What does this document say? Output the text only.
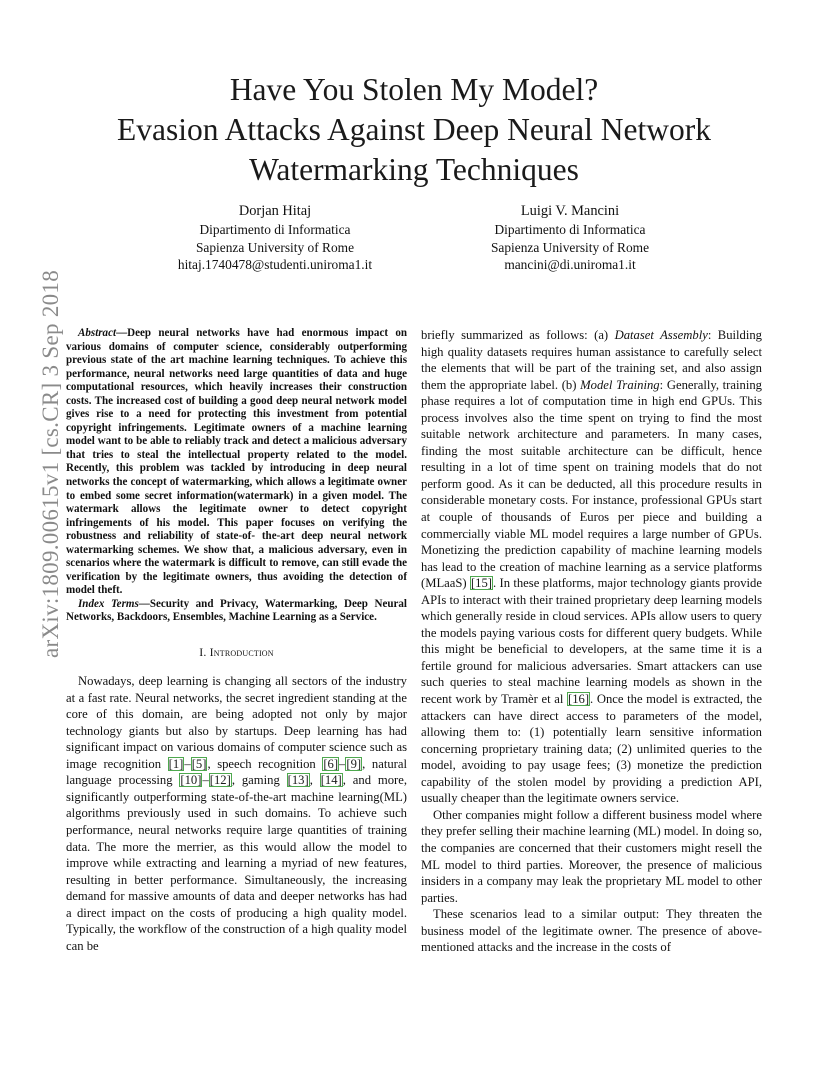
arXiv:1809.00615v1 [cs.CR] 3 Sep 2018
Have You Stolen My Model?
Evasion Attacks Against Deep Neural Network
Watermarking Techniques
Dorjan Hitaj
Dipartimento di Informatica
Sapienza University of Rome
hitaj.1740478@studenti.uniroma1.it
Luigi V. Mancini
Dipartimento di Informatica
Sapienza University of Rome
mancini@di.uniroma1.it

Abstract—Deep neural networks have had enormous impact on various domains of computer science, considerably outperforming previous state of the art machine learning techniques. To achieve this performance, neural networks need large quantities of data and huge computational resources, which heavily increases their construction costs. The increased cost of building a good deep neural network model gives rise to a need for protecting this investment from potential copyright infringements. Legitimate owners of a machine learning model want to be able to reliably track and detect a malicious adversary that tries to steal the intellectual property related to the model. Recently, this problem was tackled by introducing in deep neural networks the concept of watermarking, which allows a legitimate owner to embed some secret information(watermark) in a given model. The watermark allows the legitimate owner to detect copyright infringements of his model. This paper focuses on verifying the robustness and reliability of state-of- the-art deep neural network watermarking schemes. We show that, a malicious adversary, even in scenarios where the watermark is difficult to remove, can still evade the verification by the legitimate owners, thus avoiding the detection of model theft.

Index Terms—Security and Privacy, Watermarking, Deep Neural Networks, Backdoors, Ensembles, Machine Learning as a Service.

I. Introduction

Nowadays, deep learning is changing all sectors of the industry at a fast rate. Neural networks, the secret ingredient standing at the core of this domain, are being adopted not only by major technology giants but also by startups. Deep learning has had significant impact on various domains of computer science such as image recognition [1]–[5], speech recognition [6]–[9], natural language processing [10]–[12], gaming [13], [14], and more, significantly outperforming state-of-the-art machine learning(ML) algorithms previously used in such domains. To achieve such performance, neural networks require large quantities of training data. The more the merrier, as this would allow the model to improve while extracting and learning a myriad of new features, resulting in better performance. Simultaneously, the increasing demand for massive amounts of data and deeper networks has had a direct impact on the costs of producing a high quality model. Typically, the workflow of the construction of a high quality model can be

briefly summarized as follows: (a) Dataset Assembly: Building high quality datasets requires human assistance to carefully select the elements that will be part of the training set, and also assign them the appropriate label. (b) Model Training: Generally, training phase requires a lot of computation time in high end GPUs. This process involves also the time spent on trying to find the most suitable network architecture and parameters. In many cases, finding the most suitable architecture can be difficult, hence resulting in a lot of time spent on training models that do not perform good. As it can be deducted, all this procedure results in considerable monetary costs. For instance, professional GPUs start at couple of thousands of Euros per piece and building a commercially viable ML model requires a large number of GPUs. Monetizing the prediction capability of machine learning models has lead to the creation of machine learning as a service platforms (MLaaS) [15]. In these platforms, major technology giants provide APIs to interact with their trained proprietary deep learning models which generally reside in cloud services. APIs allow users to query the models paying various costs for different query budgets. While this might be beneficial to developers, at the same time it is a fertile ground for malicious adversaries. Smart attackers can use such queries to steal machine learning models as shown in the recent work by Tramèr et al [16]. Once the model is extracted, the attackers can have direct access to parameters of the model, allowing them to: (1) potentially learn sensitive information concerning proprietary training data; (2) unlimited queries to the model, avoiding to pay usage fees; (3) monetize the prediction capability of the stolen model by providing a prediction API, usually cheaper than the legitimate owners service.

Other companies might follow a different business model where they prefer selling their machine learning (ML) model. In doing so, the companies are concerned that their customers might resell the ML model to third parties. Moreover, the presence of malicious insiders in a company may leak the proprietary ML model to other parties.

These scenarios lead to a similar output: They threaten the business model of the legitimate owner. The presence of above-mentioned attacks and the increase in the costs of
